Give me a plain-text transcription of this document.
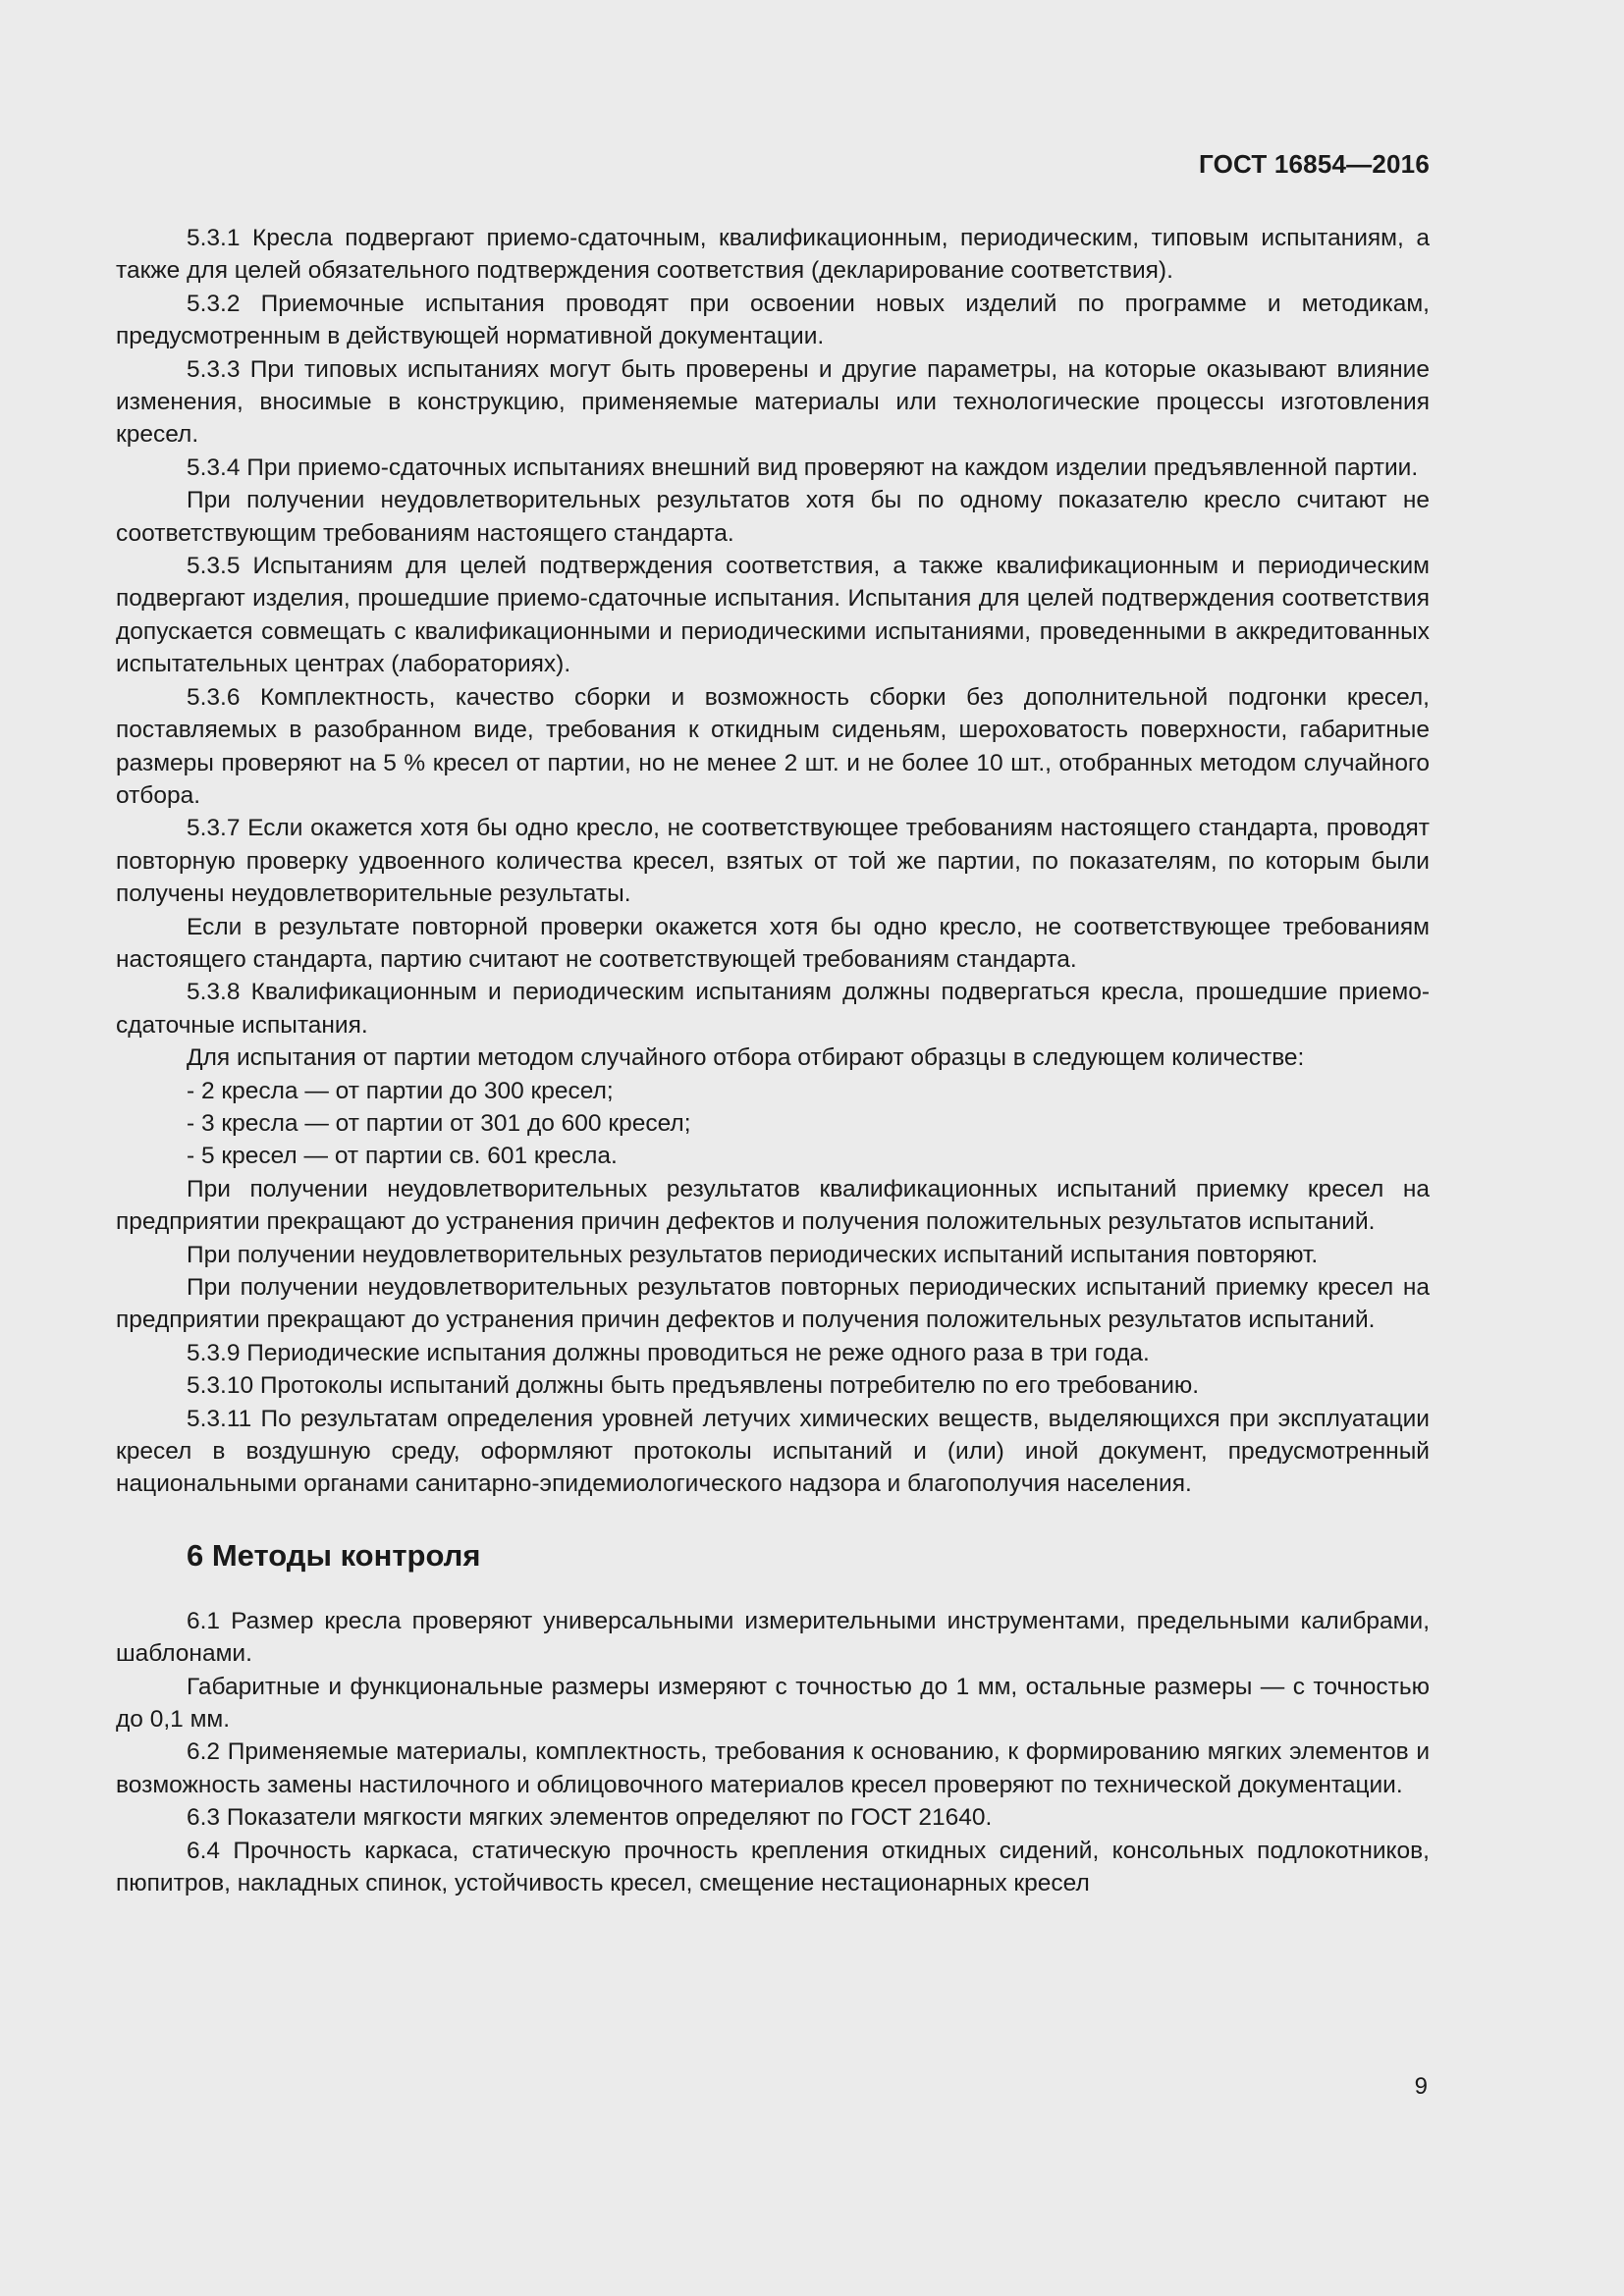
ГОСТ 16854—2016

5.3.1 Кресла подвергают приемо-сдаточным, квалификационным, периодическим, типовым испытаниям, а также для целей обязательного подтверждения соответствия (декларирование соответствия).

5.3.2 Приемочные испытания проводят при освоении новых изделий по программе и методикам, предусмотренным в действующей нормативной документации.

5.3.3 При типовых испытаниях могут быть проверены и другие параметры, на которые оказывают влияние изменения, вносимые в конструкцию, применяемые материалы или технологические процессы изготовления кресел.

5.3.4 При приемо-сдаточных испытаниях внешний вид проверяют на каждом изделии предъявленной партии.

При получении неудовлетворительных результатов хотя бы по одному показателю кресло считают не соответствующим требованиям настоящего стандарта.

5.3.5 Испытаниям для целей подтверждения соответствия, а также квалификационным и периодическим подвергают изделия, прошедшие приемо-сдаточные испытания. Испытания для целей подтверждения соответствия допускается совмещать с квалификационными и периодическими испытаниями, проведенными в аккредитованных испытательных центрах (лабораториях).

5.3.6 Комплектность, качество сборки и возможность сборки без дополнительной подгонки кресел, поставляемых в разобранном виде, требования к откидным сиденьям, шероховатость поверхности, габаритные размеры проверяют на 5 % кресел от партии, но не менее 2 шт. и не более 10 шт., отобранных методом случайного отбора.

5.3.7 Если окажется хотя бы одно кресло, не соответствующее требованиям настоящего стандарта, проводят повторную проверку удвоенного количества кресел, взятых от той же партии, по показателям, по которым были получены неудовлетворительные результаты.

Если в результате повторной проверки окажется хотя бы одно кресло, не соответствующее требованиям настоящего стандарта, партию считают не соответствующей требованиям стандарта.

5.3.8 Квалификационным и периодическим испытаниям должны подвергаться кресла, прошедшие приемо-сдаточные испытания.

Для испытания от партии методом случайного отбора отбирают образцы в следующем количестве:

- 2 кресла — от партии до 300 кресел;

- 3 кресла — от партии от 301 до 600 кресел;

- 5 кресел — от партии св. 601 кресла.

При получении неудовлетворительных результатов квалификационных испытаний приемку кресел на предприятии прекращают до устранения причин дефектов и получения положительных результатов испытаний.

При получении неудовлетворительных результатов периодических испытаний испытания повторяют.

При получении неудовлетворительных результатов повторных периодических испытаний приемку кресел на предприятии прекращают до устранения причин дефектов и получения положительных результатов испытаний.

5.3.9 Периодические испытания должны проводиться не реже одного раза в три года.

5.3.10 Протоколы испытаний должны быть предъявлены потребителю по его требованию.

5.3.11 По результатам определения уровней летучих химических веществ, выделяющихся при эксплуатации кресел в воздушную среду, оформляют протоколы испытаний и (или) иной документ, предусмотренный национальными органами санитарно-эпидемиологического надзора и благополучия населения.

6 Методы контроля

6.1 Размер кресла проверяют универсальными измерительными инструментами, предельными калибрами, шаблонами.

Габаритные и функциональные размеры измеряют с точностью до 1 мм, остальные размеры — с точностью до 0,1 мм.

6.2 Применяемые материалы, комплектность, требования к основанию, к формированию мягких элементов и возможность замены настилочного и облицовочного материалов кресел проверяют по технической документации.

6.3 Показатели мягкости мягких элементов определяют по ГОСТ 21640.

6.4 Прочность каркаса, статическую прочность крепления откидных сидений, консольных подлокотников, пюпитров, накладных спинок, устойчивость кресел, смещение нестационарных кресел

9
